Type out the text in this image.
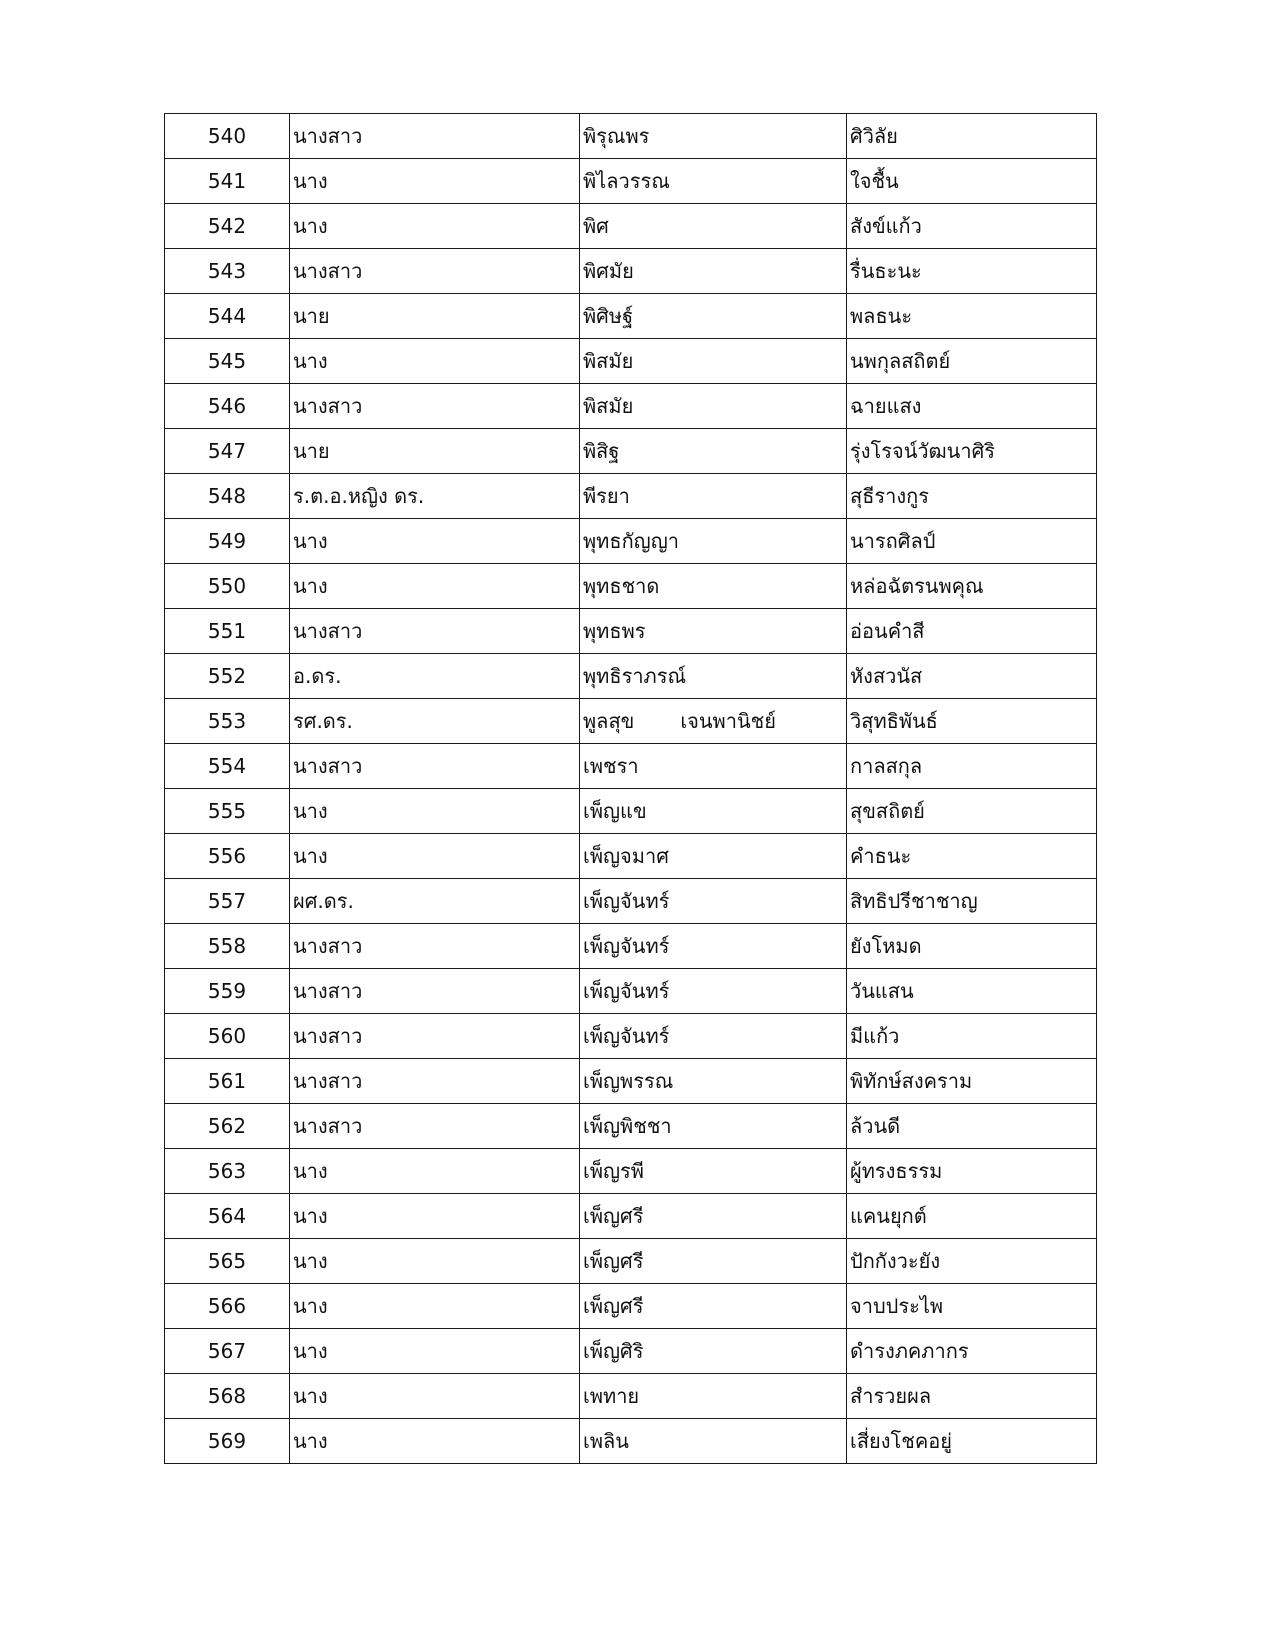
540	นางสาว	พิรุณพร	ศิวิลัย
541	นาง	พิไลวรรณ	ใจชื้น
542	นาง	พิศ	สังข์แก้ว
543	นางสาว	พิศมัย	รื่นธะนะ
544	นาย	พิศิษฐ์	พลธนะ
545	นาง	พิสมัย	นพกุลสถิตย์
546	นางสาว	พิสมัย	ฉายแสง
547	นาย	พิสิฐ	รุ่งโรจน์วัฒนาศิริ
548	ร.ต.อ.หญิง ดร.	พีรยา	สุธีรางกูร
549	นาง	พุทธกัญญา	นารถศิลป์
550	นาง	พุทธชาด	หล่อฉัตรนพคุณ
551	นางสาว	พุทธพร	อ่อนคำสี
552	อ.ดร.	พุทธิราภรณ์	หังสวนัส
553	รศ.ดร.	พูลสุข เจนพานิชย์	วิสุทธิพันธ์
554	นางสาว	เพชรา	กาลสกุล
555	นาง	เพ็ญแข	สุขสถิตย์
556	นาง	เพ็ญจมาศ	คำธนะ
557	ผศ.ดร.	เพ็ญจันทร์	สิทธิปรีชาชาญ
558	นางสาว	เพ็ญจันทร์	ยังโหมด
559	นางสาว	เพ็ญจันทร์	วันแสน
560	นางสาว	เพ็ญจันทร์	มีแก้ว
561	นางสาว	เพ็ญพรรณ	พิทักษ์สงคราม
562	นางสาว	เพ็ญพิชชา	ล้วนดี
563	นาง	เพ็ญรพี	ผู้ทรงธรรม
564	นาง	เพ็ญศรี	แคนยุกต์
565	นาง	เพ็ญศรี	ปักกังวะยัง
566	นาง	เพ็ญศรี	จาบประไพ
567	นาง	เพ็ญศิริ	ดำรงภคภากร
568	นาง	เพทาย	สำรวยผล
569	นาง	เพลิน	เสี่ยงโชคอยู่
